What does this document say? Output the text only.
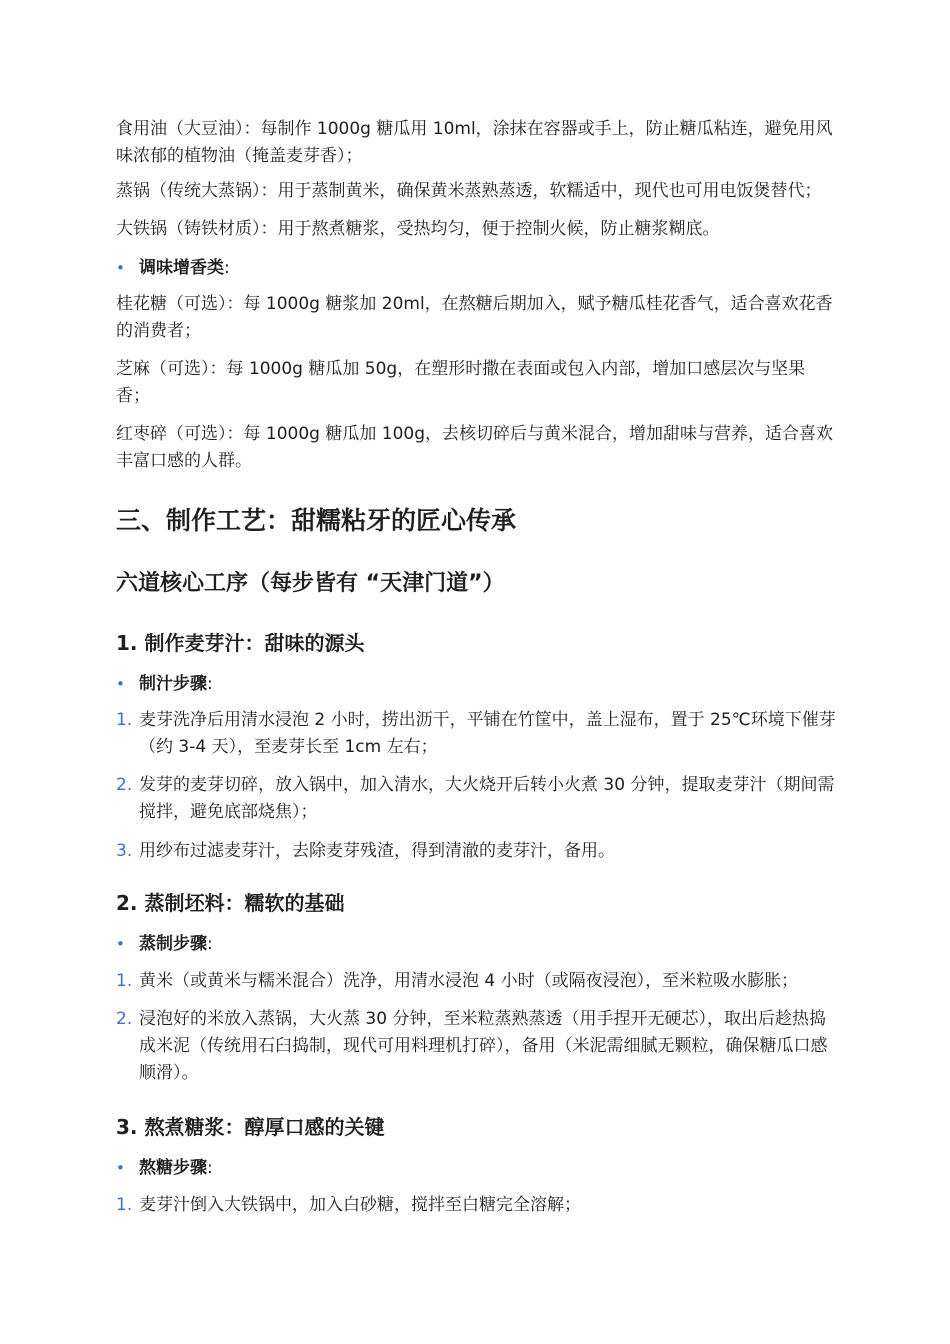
食用油（大豆油）：每制作 1000g 糖瓜用 10ml，涂抹在容器或手上，防止糖瓜粘连，避免用风味浓郁的植物油（掩盖麦芽香）；

蒸锅（传统大蒸锅）：用于蒸制黄米，确保黄米蒸熟蒸透，软糯适中，现代也可用电饭煲替代；

大铁锅（铸铁材质）：用于熬煮糖浆，受热均匀，便于控制火候，防止糖浆糊底。

• 调味增香类:

桂花糖（可选）：每 1000g 糖浆加 20ml，在熬糖后期加入，赋予糖瓜桂花香气，适合喜欢花香的消费者；

芝麻（可选）：每 1000g 糖瓜加 50g，在塑形时撒在表面或包入内部，增加口感层次与坚果香；

红枣碎（可选）：每 1000g 糖瓜加 100g，去核切碎后与黄米混合，增加甜味与营养，适合喜欢丰富口感的人群。

三、制作工艺：甜糯粘牙的匠心传承
六道核心工序（每步皆有 “天津门道”）
1. 制作麦芽汁：甜味的源头
• 制汁步骤:
1. 麦芽洗净后用清水浸泡 2 小时，捞出沥干，平铺在竹筐中，盖上湿布，置于 25℃环境下催芽（约 3-4 天），至麦芽长至 1cm 左右；
2. 发芽的麦芽切碎，放入锅中，加入清水，大火烧开后转小火煮 30 分钟，提取麦芽汁（期间需搅拌，避免底部烧焦）；
3. 用纱布过滤麦芽汁，去除麦芽残渣，得到清澈的麦芽汁，备用。
2. 蒸制坯料：糯软的基础
• 蒸制步骤:
1. 黄米（或黄米与糯米混合）洗净，用清水浸泡 4 小时（或隔夜浸泡），至米粒吸水膨胀；
2. 浸泡好的米放入蒸锅，大火蒸 30 分钟，至米粒蒸熟蒸透（用手捏开无硬芯），取出后趁热捣成米泥（传统用石臼捣制，现代可用料理机打碎），备用（米泥需细腻无颗粒，确保糖瓜口感顺滑）。
3. 熬煮糖浆：醇厚口感的关键
• 熬糖步骤:
1. 麦芽汁倒入大铁锅中，加入白砂糖，搅拌至白糖完全溶解；
